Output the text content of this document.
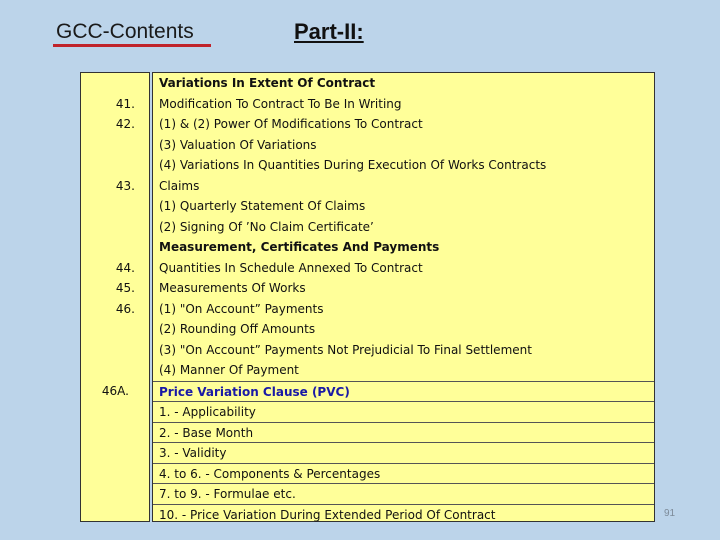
GCC-Contents	Part-II:
41.
42.
43.
44.
45.
46.
46A.
Variations In Extent Of Contract
Modification To Contract To Be In Writing
(1) & (2) Power Of Modifications To Contract
(3) Valuation Of Variations
(4) Variations In Quantities During Execution Of Works Contracts
Claims
(1) Quarterly Statement Of Claims
(2) Signing Of ’No Claim Certificate’
Measurement, Certificates And Payments
Quantities In Schedule Annexed To Contract
Measurements Of Works
(1) "On Account” Payments
(2) Rounding Off Amounts
(3) "On Account” Payments Not Prejudicial To Final Settlement
(4) Manner Of Payment
Price Variation Clause (PVC)
1. - Applicability
2. - Base Month
3. - Validity
4. to 6. - Components & Percentages
7. to 9. - Formulae etc.
10. - Price Variation During Extended Period Of Contract	91
